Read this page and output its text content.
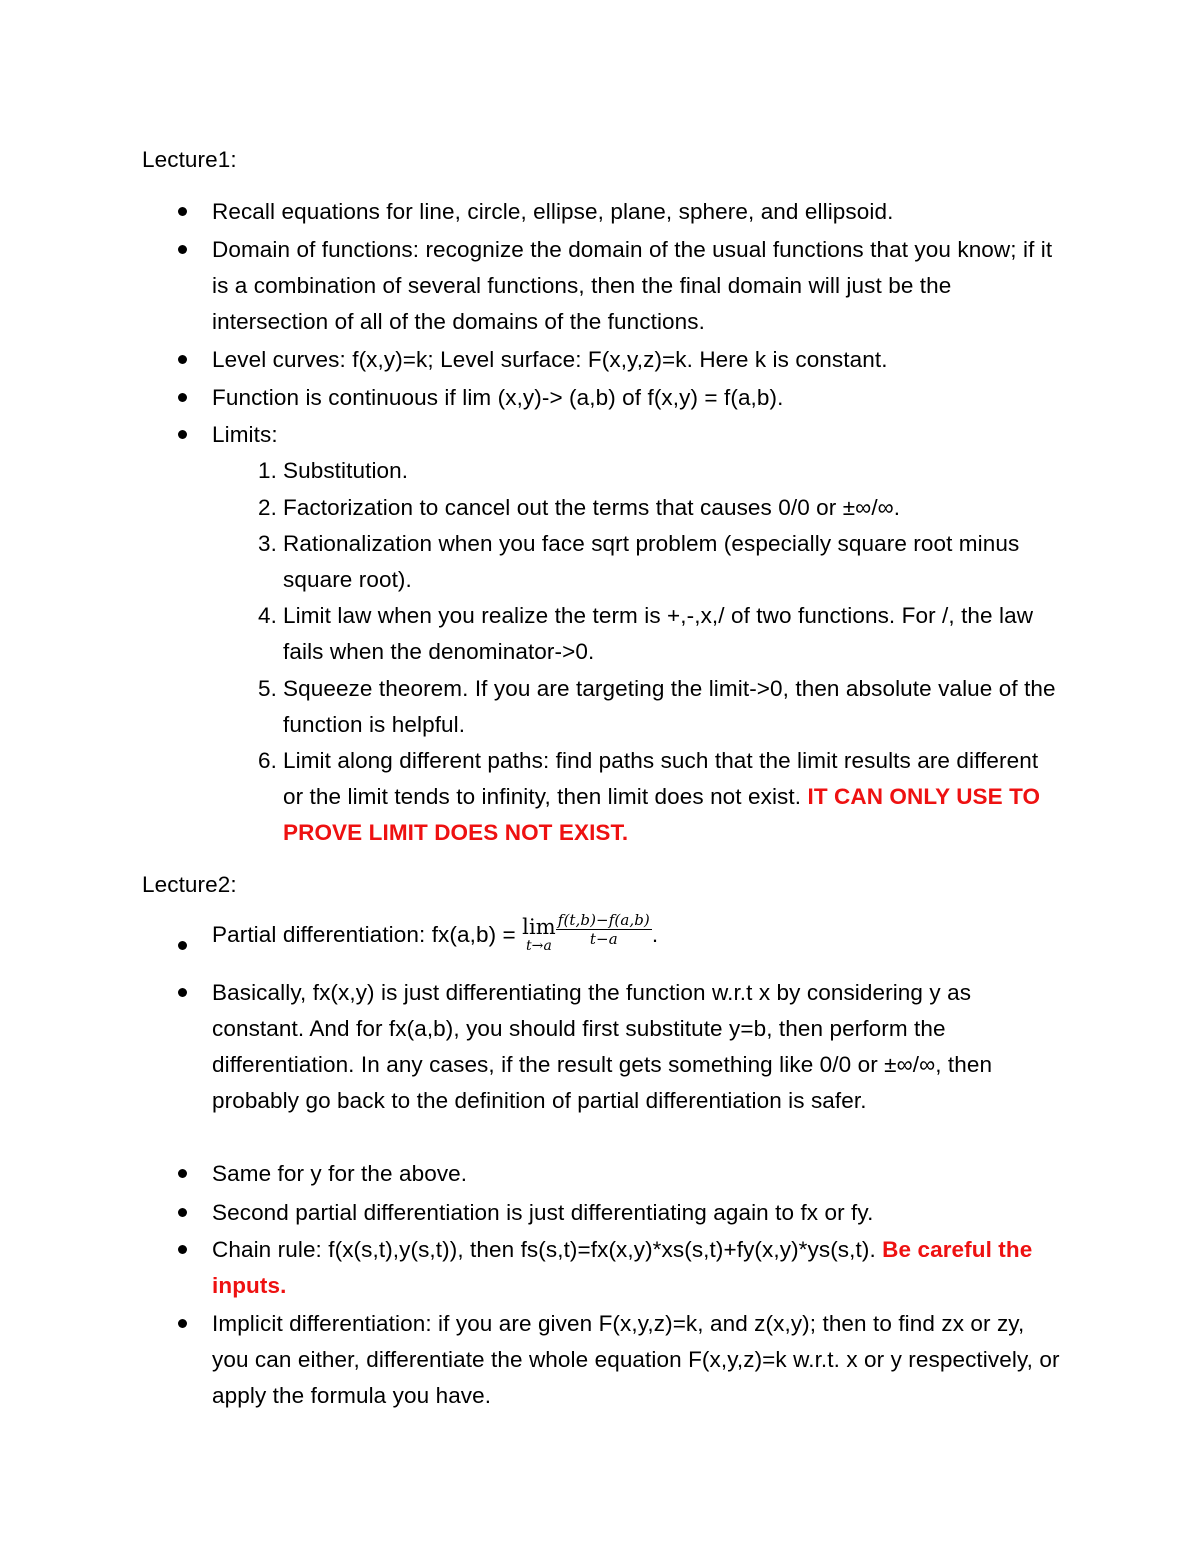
Lecture1:
Recall equations for line, circle, ellipse, plane, sphere, and ellipsoid.
Domain of functions: recognize the domain of the usual functions that you know; if it is a combination of several functions, then the final domain will just be the intersection of all of the domains of the functions.
Level curves: f(x,y)=k; Level surface: F(x,y,z)=k. Here k is constant.
Function is continuous if lim (x,y)-> (a,b) of f(x,y) = f(a,b).
Limits:
1. Substitution.
2. Factorization to cancel out the terms that causes 0/0 or ±∞/∞.
3. Rationalization when you face sqrt problem (especially square root minus square root).
4. Limit law when you realize the term is +,-,x,/ of two functions. For /, the law fails when the denominator->0.
5. Squeeze theorem. If you are targeting the limit->0, then absolute value of the function is helpful.
6. Limit along different paths: find paths such that the limit results are different or the limit tends to infinity, then limit does not exist. IT CAN ONLY USE TO PROVE LIMIT DOES NOT EXIST.
Lecture2:
Partial differentiation: fx(a,b) = lim
$t\to a \frac{f(t,b)-f(a,b)}{t-a}$ .
Basically, fx(x,y) is just differentiating the function w.r.t x by considering y as constant. And for fx(a,b), you should first substitute y=b, then perform the differentiation. In any cases, if the result gets something like 0/0 or ±∞/∞, then probably go back to the definition of partial differentiation is safer.
Same for y for the above.
Second partial differentiation is just differentiating again to fx or fy.
Chain rule: f(x(s,t),y(s,t)), then fs(s,t)=fx(x,y)*xs(s,t)+fy(x,y)*ys(s,t). Be careful the inputs.
Implicit differentiation: if you are given F(x,y,z)=k, and z(x,y); then to find zx or zy, you can either, differentiate the whole equation F(x,y,z)=k w.r.t. x or y respectively, or apply the formula you have.
